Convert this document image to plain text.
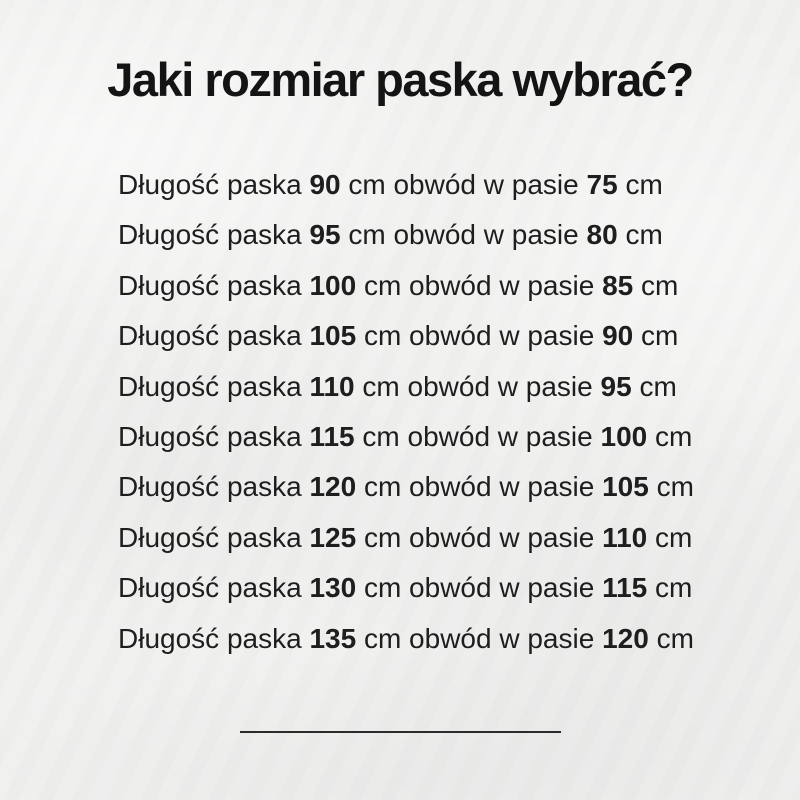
Jaki rozmiar paska wybrać?
Długość paska 90 cm obwód w pasie 75 cm
Długość paska 95 cm obwód w pasie 80 cm
Długość paska 100 cm obwód w pasie 85 cm
Długość paska 105 cm obwód w pasie 90 cm
Długość paska 110 cm obwód w pasie 95 cm
Długość paska 115 cm obwód w pasie 100 cm
Długość paska 120 cm obwód w pasie 105 cm
Długość paska 125 cm obwód w pasie 110 cm
Długość paska 130 cm obwód w pasie 115 cm
Długość paska 135 cm obwód w pasie 120 cm
